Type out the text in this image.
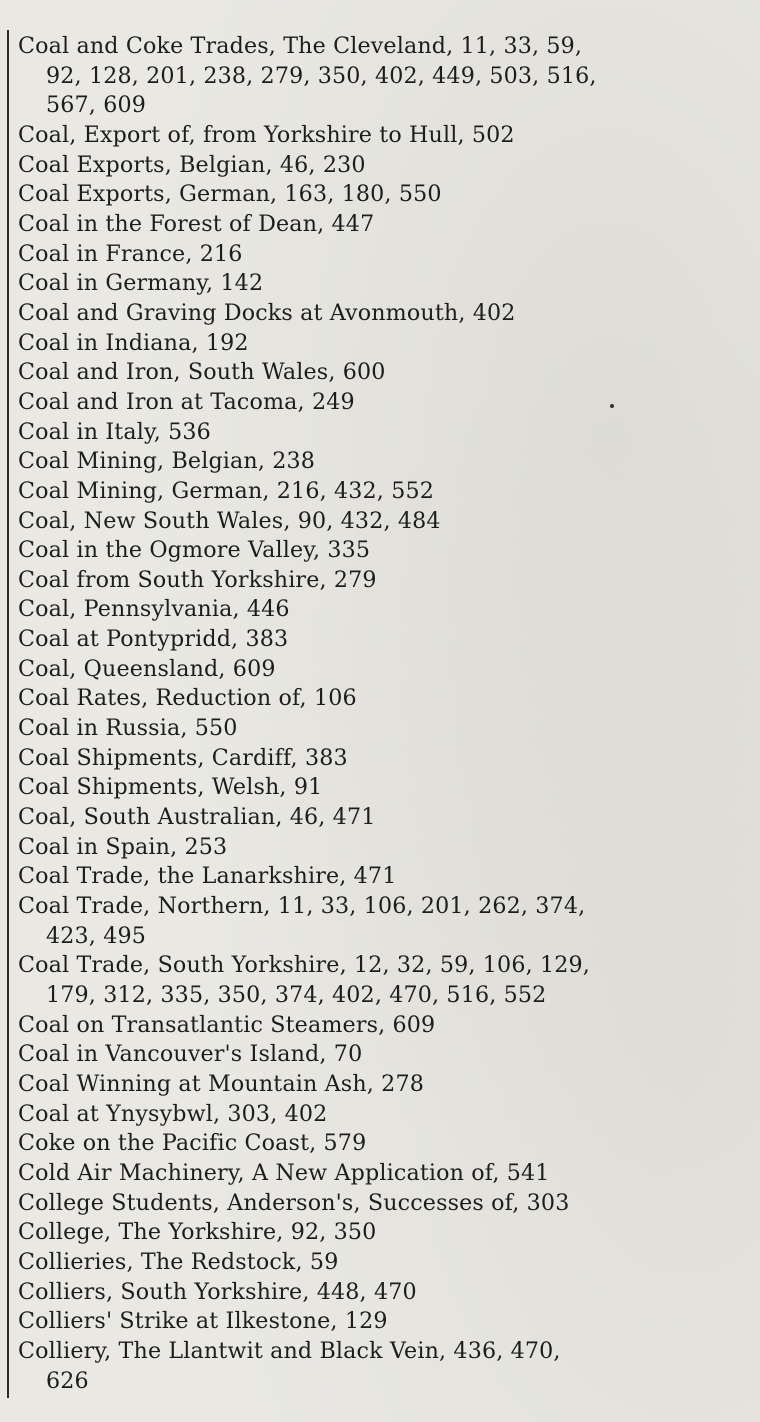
Coal and Coke Trades, The Cleveland, 11, 33, 59,
92, 128, 201, 238, 279, 350, 402, 449, 503, 516,
567, 609
Coal, Export of, from Yorkshire to Hull, 502
Coal Exports, Belgian, 46, 230
Coal Exports, German, 163, 180, 550
Coal in the Forest of Dean, 447
Coal in France, 216
Coal in Germany, 142
Coal and Graving Docks at Avonmouth, 402
Coal in Indiana, 192
Coal and Iron, South Wales, 600
Coal and Iron at Tacoma, 249
Coal in Italy, 536
Coal Mining, Belgian, 238
Coal Mining, German, 216, 432, 552
Coal, New South Wales, 90, 432, 484
Coal in the Ogmore Valley, 335
Coal from South Yorkshire, 279
Coal, Pennsylvania, 446
Coal at Pontypridd, 383
Coal, Queensland, 609
Coal Rates, Reduction of, 106
Coal in Russia, 550
Coal Shipments, Cardiff, 383
Coal Shipments, Welsh, 91
Coal, South Australian, 46, 471
Coal in Spain, 253
Coal Trade, the Lanarkshire, 471
Coal Trade, Northern, 11, 33, 106, 201, 262, 374,
423, 495
Coal Trade, South Yorkshire, 12, 32, 59, 106, 129,
179, 312, 335, 350, 374, 402, 470, 516, 552
Coal on Transatlantic Steamers, 609
Coal in Vancouver's Island, 70
Coal Winning at Mountain Ash, 278
Coal at Ynysybwl, 303, 402
Coke on the Pacific Coast, 579
Cold Air Machinery, A New Application of, 541
College Students, Anderson's, Successes of, 303
College, The Yorkshire, 92, 350
Collieries, The Redstock, 59
Colliers, South Yorkshire, 448, 470
Colliers' Strike at Ilkestone, 129
Colliery, The Llantwit and Black Vein, 436, 470,
626
